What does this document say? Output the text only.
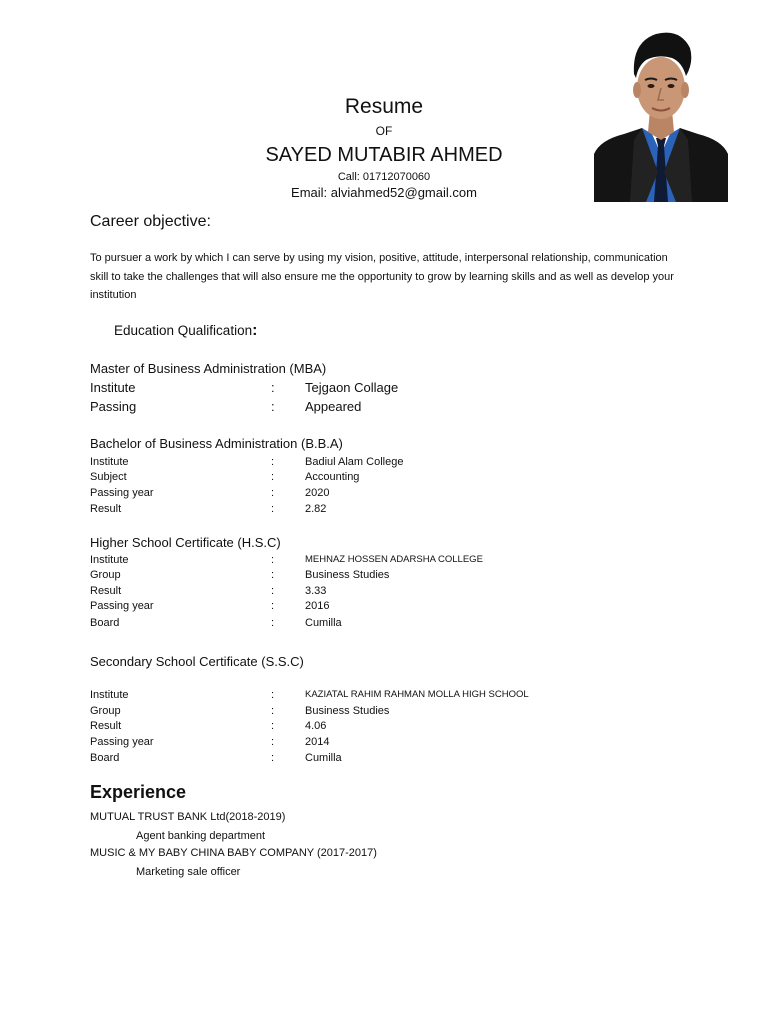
Resume
OF
SAYED MUTABIR AHMED
Call: 01712070060
Email: alviahmed52@gmail.com
Career objective:
To pursuer a work by which I can serve by using my vision, positive, attitude, interpersonal relationship, communication skill to take the challenges that will also ensure me the opportunity to grow by learning skills and as well as develop your institution
Education Qualification:
Master of Business Administration (MBA)
Institute	: Tejgaon Collage
Passing	: Appeared
Bachelor of Business Administration (B.B.A)
Institute	:	Badiul Alam College
Subject	:	Accounting
Passing year	:	2020
Result	:	2.82
Higher School Certificate (H.S.C)
Institute	:	MEHNAZ HOSSEN ADARSHA COLLEGE
Group	:	Business Studies
Result	:	3.33
Passing year	:	2016
Board	:	Cumilla
Secondary School Certificate (S.S.C)
Institute	:	KAZIATAL RAHIM RAHMAN MOLLA HIGH SCHOOL
Group	:	Business Studies
Result	:	4.06
Passing year	:	2014
Board	:	Cumilla
Experience
MUTUAL TRUST BANK Ltd(2018-2019)
Agent banking department
MUSIC & MY BABY CHINA BABY COMPANY (2017-2017)
Marketing sale officer
